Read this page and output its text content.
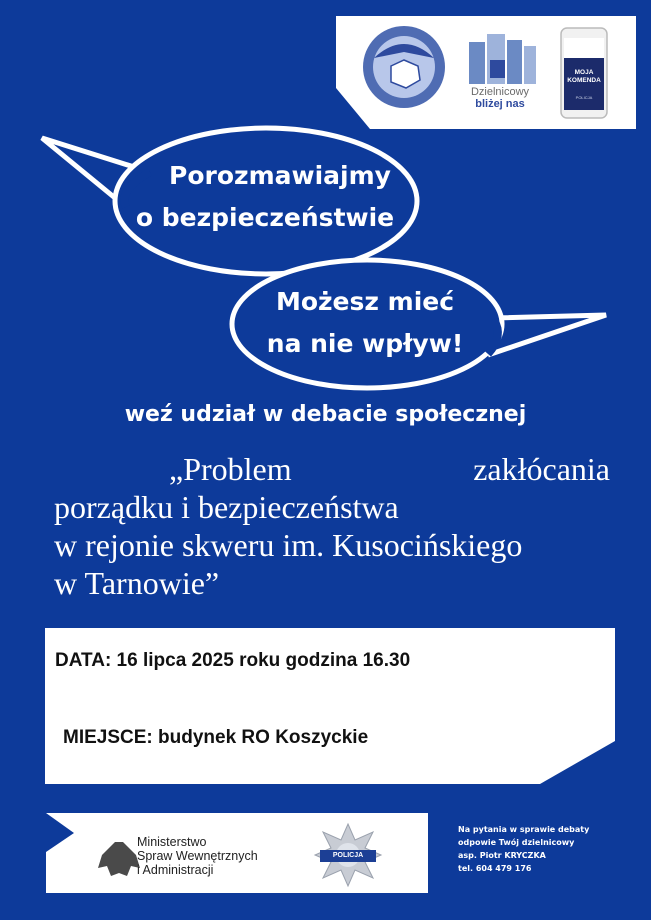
Dzielnicowy
bliżej nas
MOJA
KOMENDA
POLICJA
Porozmawiajmy
o bezpieczeństwie
Możesz mieć
na nie wpływ!
weź udział w debacie społecznej
„Problem	zakłócania
porządku i bezpieczeństwa
w rejonie skweru im. Kusocińskiego
w Tarnowie”
DATA: 16 lipca 2025 roku godzina 16.30
MIEJSCE: budynek RO Koszyckie
Ministerstwo
Spraw Wewnętrznych
i Administracji
POLICJA
Na pytania w sprawie debaty
odpowie Twój dzielnicowy
asp. Piotr KRYCZKA
tel. 604 479 176
